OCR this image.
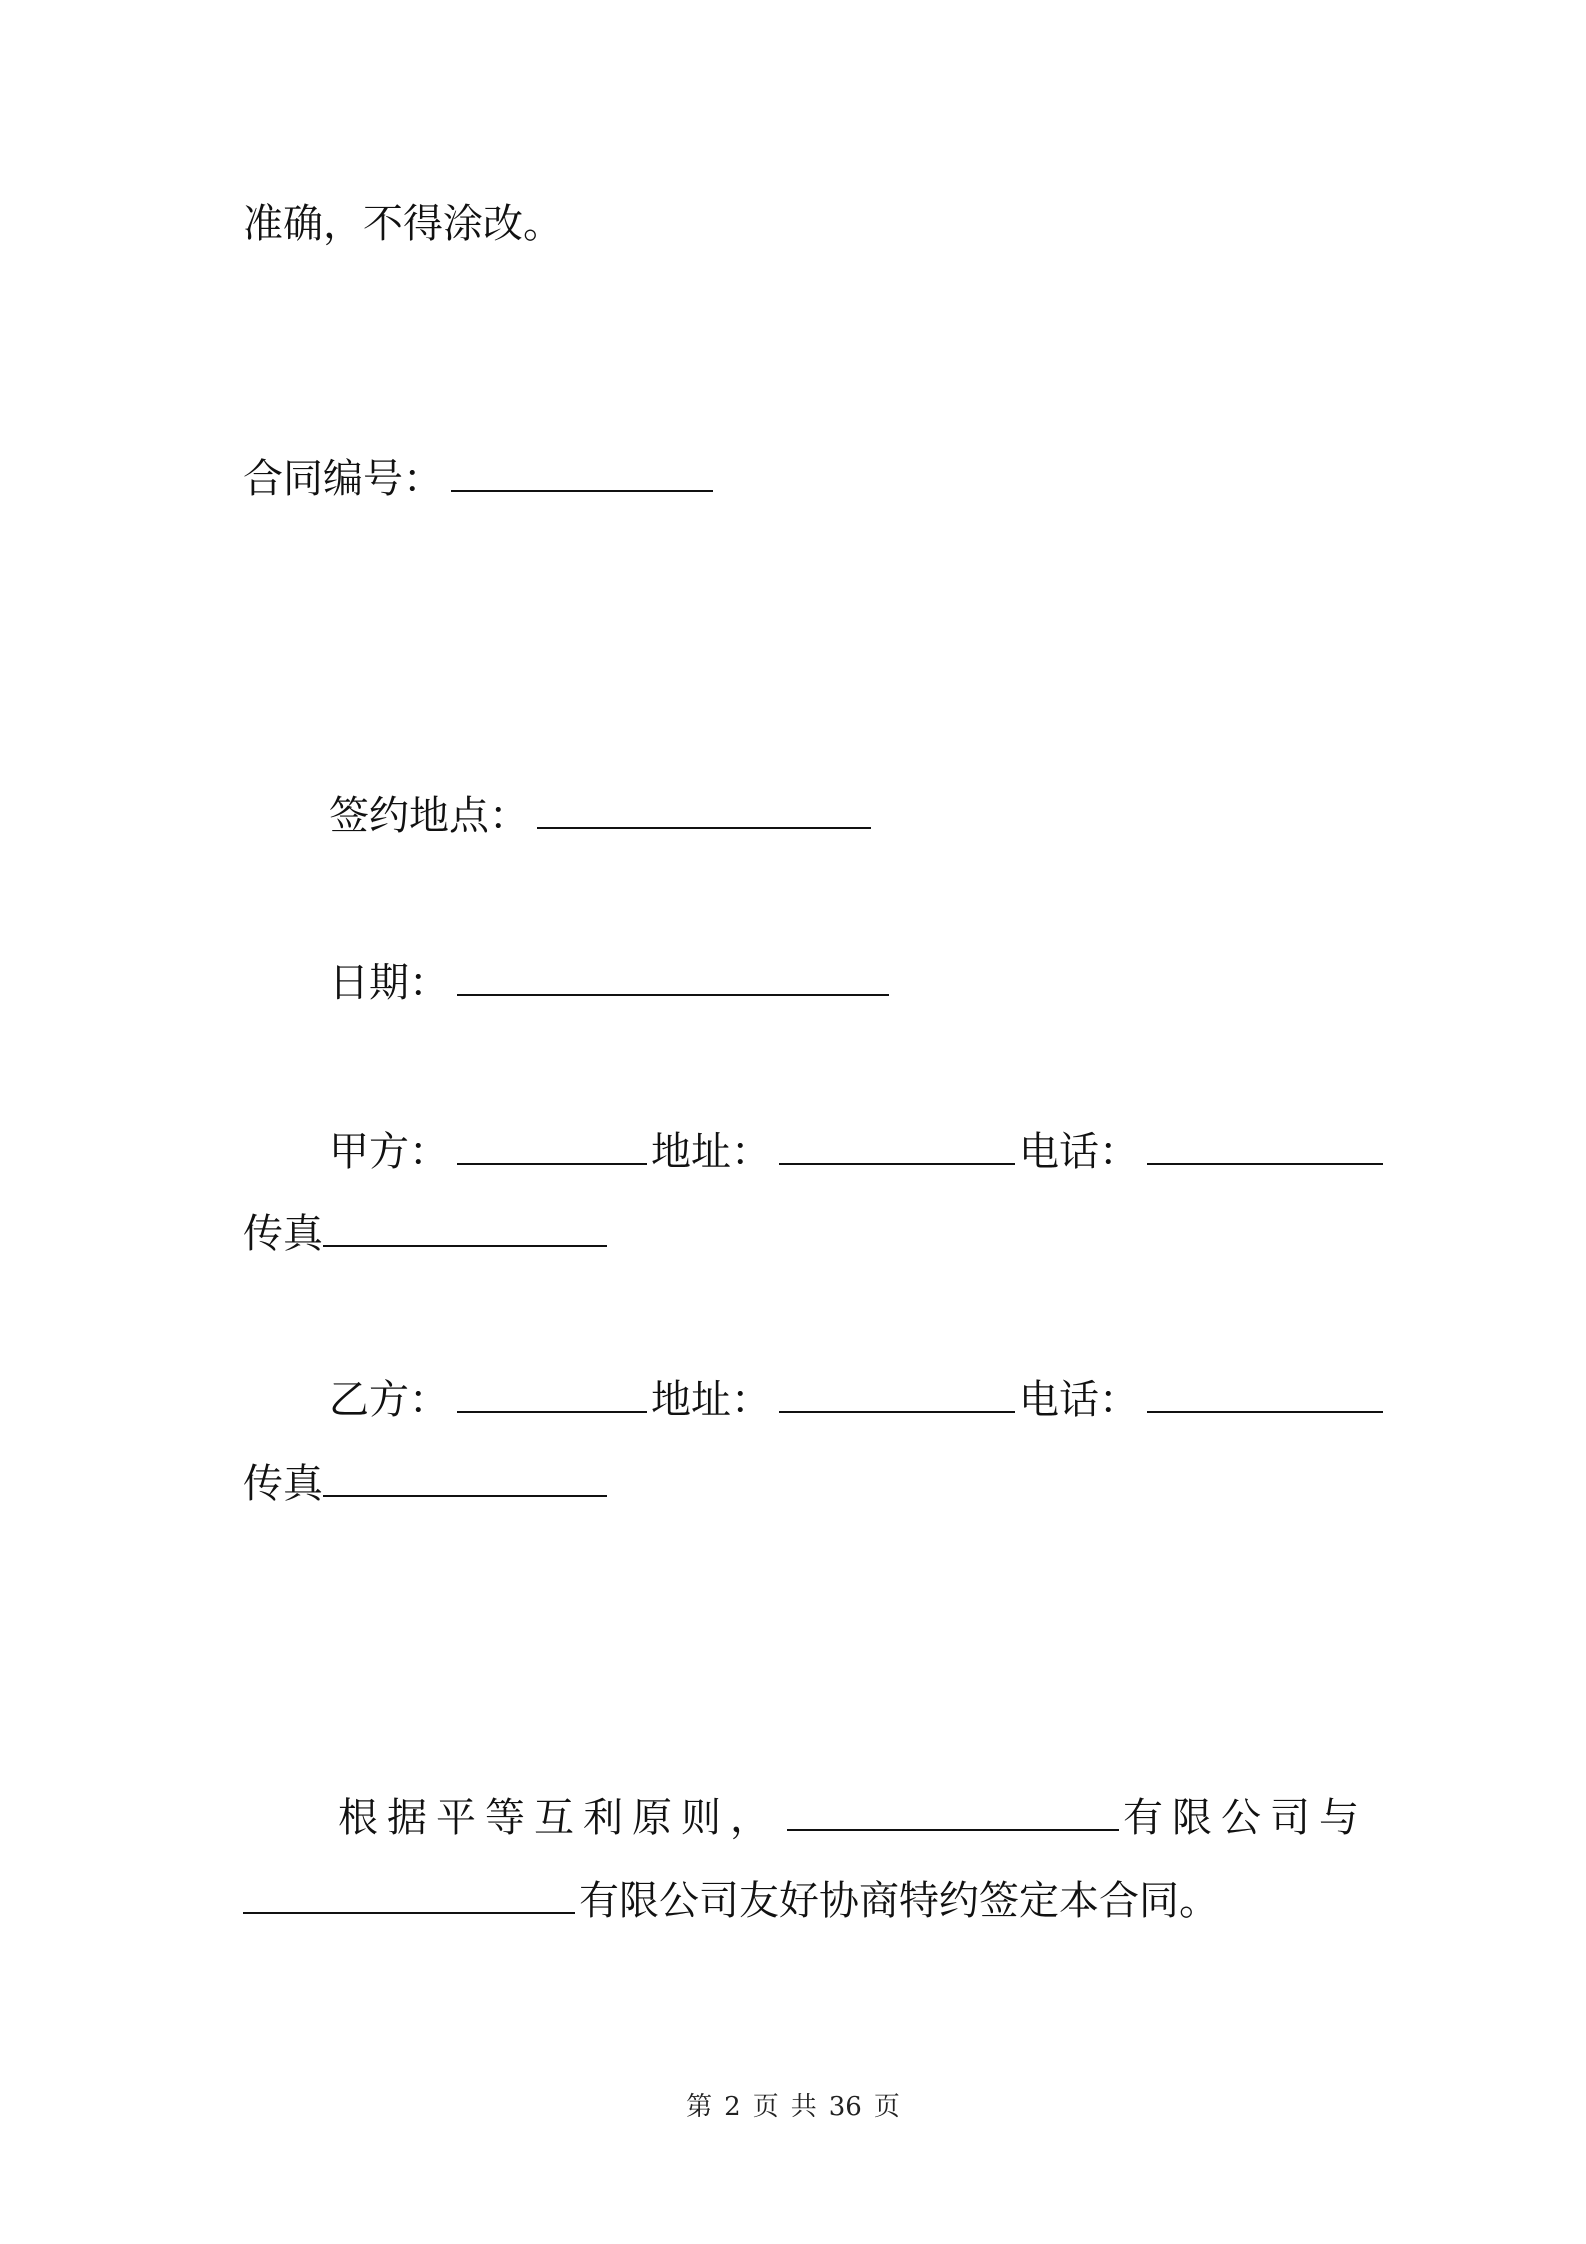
准确，不得涂改。
合同编号：
签约地点：
日期：
甲方：	地址：	电话：
传真
乙方：	地址：	电话：
传真
根据平等互利原则，	有限公司与
有限公司友好协商特约签定本合同。
第 2 页 共 36 页
